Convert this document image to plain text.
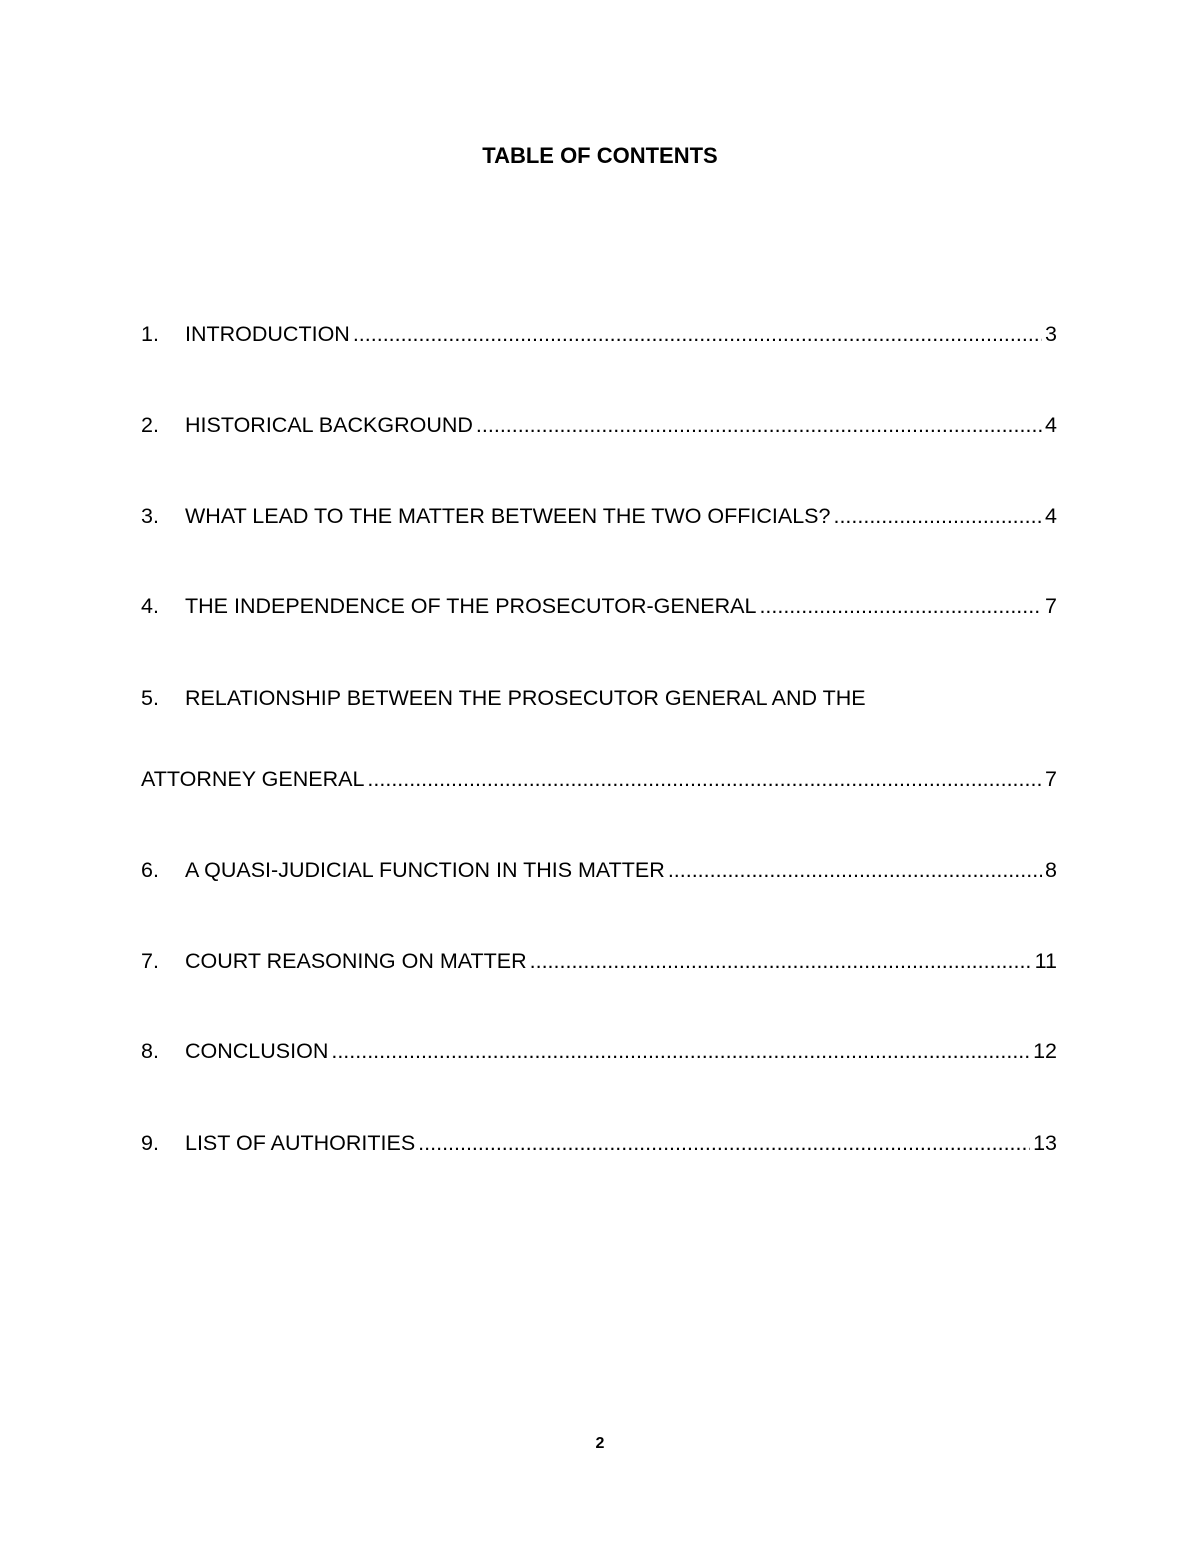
TABLE OF CONTENTS
1.	INTRODUCTION .....	3
2.	HISTORICAL BACKGROUND .....	4
3.	WHAT LEAD TO THE MATTER BETWEEN THE TWO OFFICIALS? .....	4
4.	THE INDEPENDENCE OF THE PROSECUTOR-GENERAL .....	7
5. RELATIONSHIP BETWEEN THE PROSECUTOR GENERAL AND THE
ATTORNEY GENERAL .....	7
6.	A QUASI-JUDICIAL FUNCTION IN THIS MATTER .....	8
7.	COURT REASONING ON MATTER .....	11
8.	CONCLUSION .....	12
9.	LIST OF AUTHORITIES .....	13
2
